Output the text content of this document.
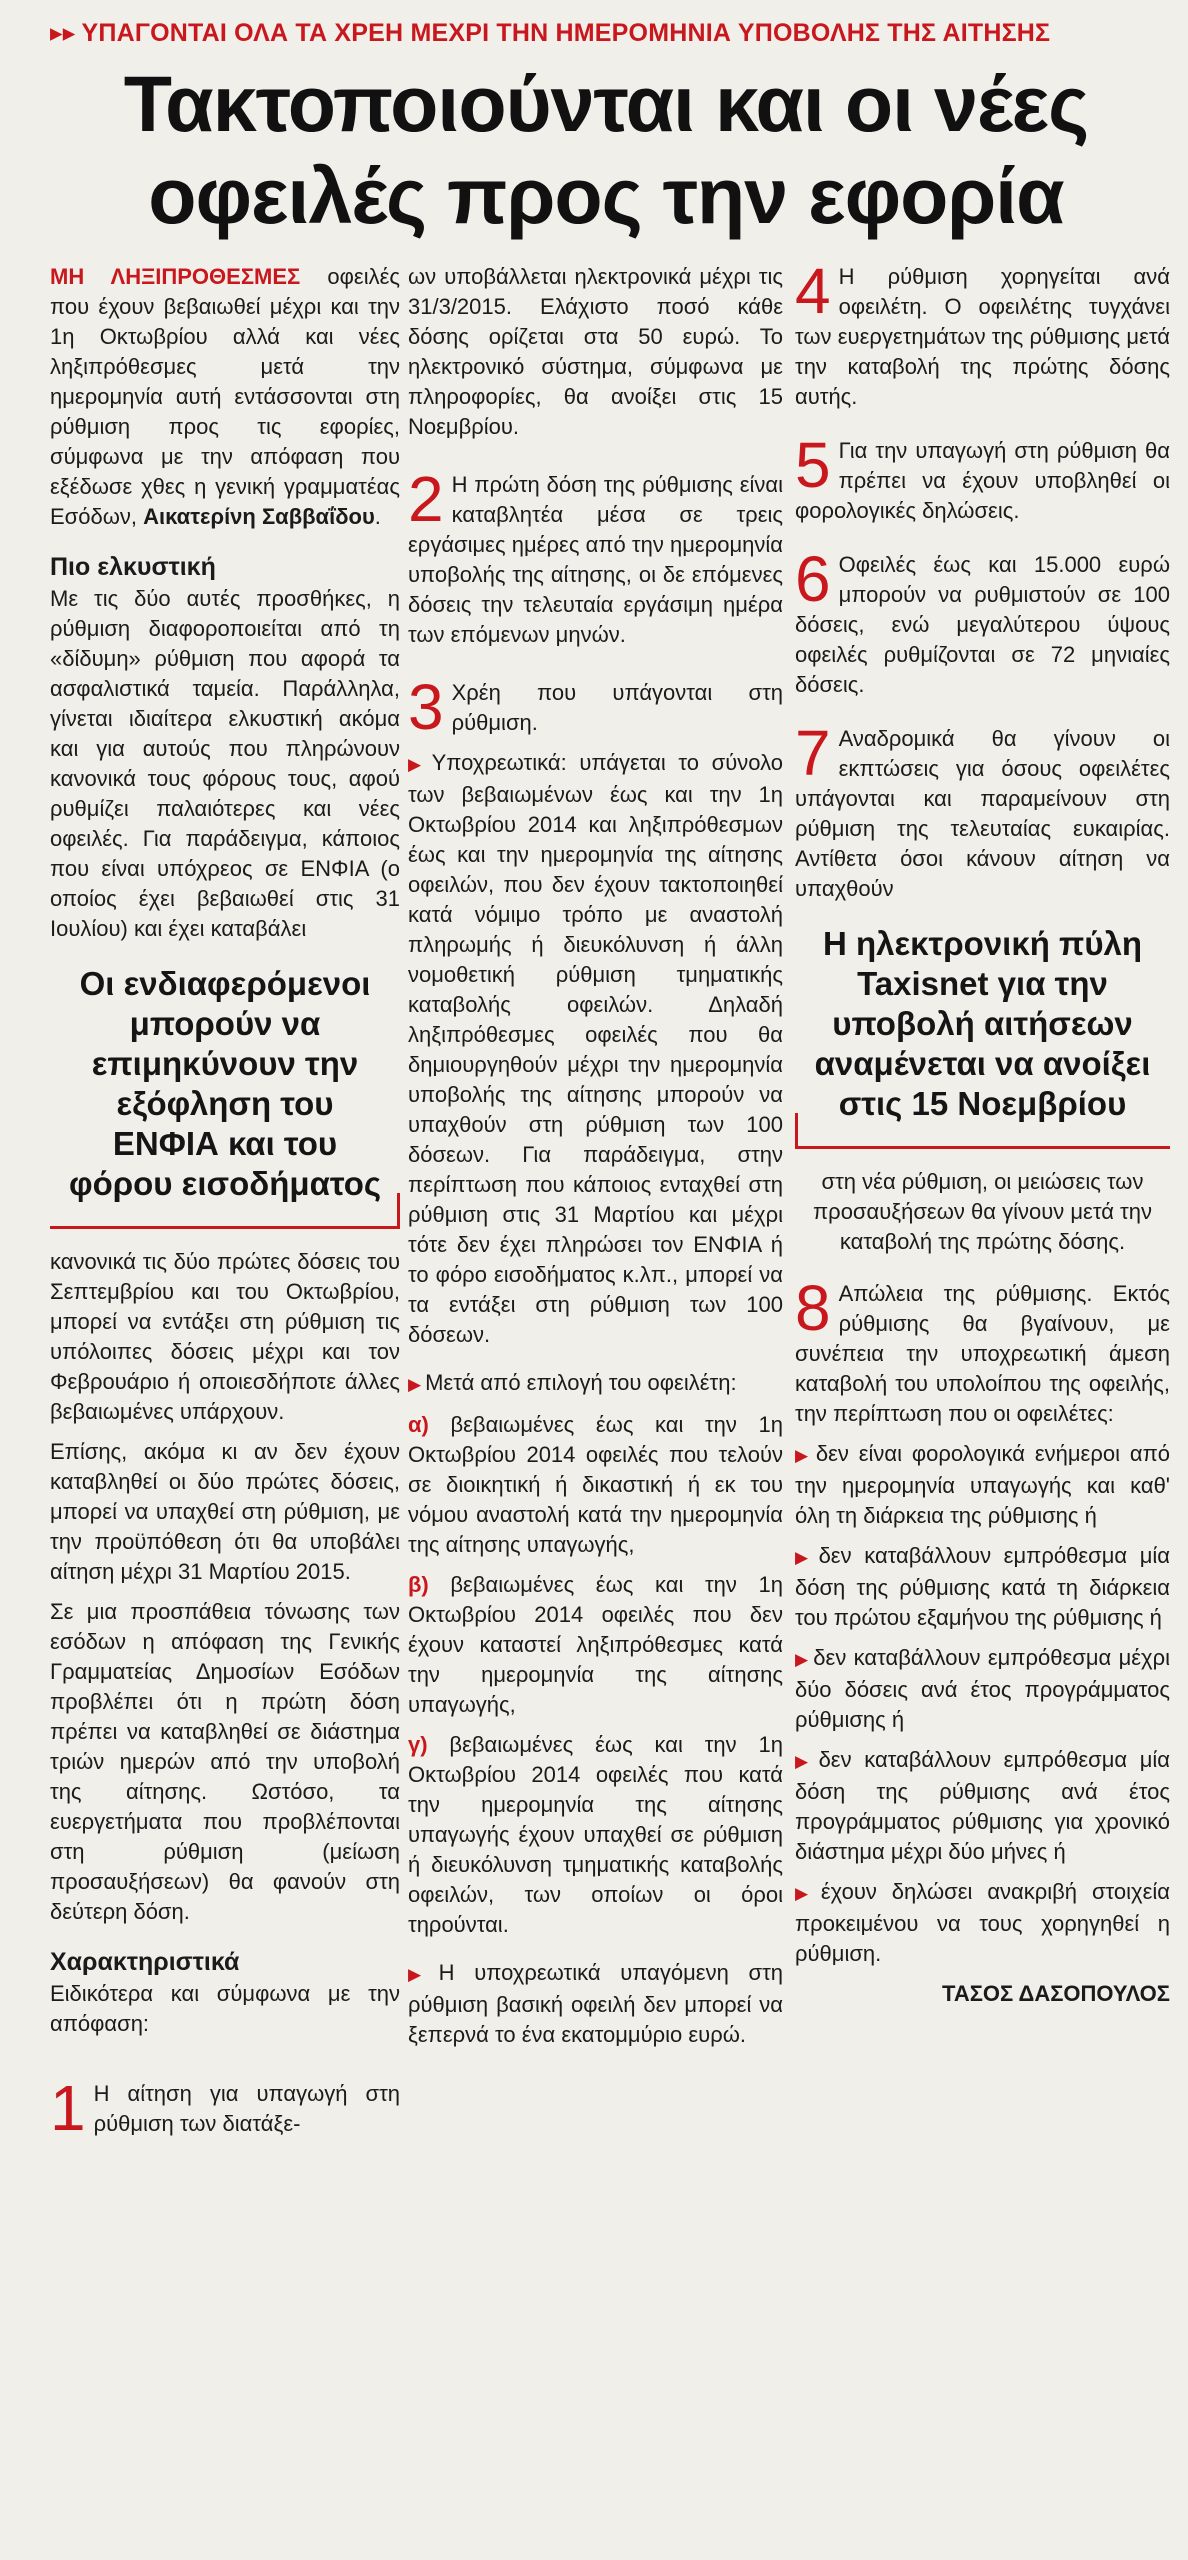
▸▸ ΥΠΑΓΟΝΤΑΙ ΟΛΑ ΤΑ ΧΡΕΗ ΜΕΧΡΙ ΤΗΝ ΗΜΕΡΟΜΗΝΙΑ ΥΠΟΒΟΛΗΣ ΤΗΣ ΑΙΤΗΣΗΣ
Τακτοποιούνται και οι νέες
οφειλές προς την εφορία

ΜΗ ΛΗΞΙΠΡΟΘΕΣΜΕΣ οφειλές που έχουν βεβαιωθεί μέχρι και την 1η Οκτωβρίου αλλά και νέες ληξιπρόθεσμες μετά την ημερομηνία αυτή εντάσσονται στη ρύθμιση προς τις εφορίες, σύμφωνα με την απόφαση που εξέδωσε χθες η γενική γραμματέας Εσόδων, Αικατερίνη Σαββαΐδου.

Πιο ελκυστική

Με τις δύο αυτές προσθήκες, η ρύθμιση διαφοροποιείται από τη «δίδυμη» ρύθμιση που αφορά τα ασφαλιστικά ταμεία. Παράλληλα, γίνεται ιδιαίτερα ελκυστική ακόμα και για αυτούς που πληρώνουν κανονικά τους φόρους τους, αφού ρυθμίζει παλαιότερες και νέες οφειλές. Για παράδειγμα, κάποιος που είναι υπόχρεος σε ΕΝΦΙΑ (ο οποίος έχει βεβαιωθεί στις 31 Ιουλίου) και έχει καταβάλει

Οι ενδιαφερόμενοι μπορούν να επιμηκύνουν την εξόφληση του ΕΝΦΙΑ και του φόρου εισοδήματος

κανονικά τις δύο πρώτες δόσεις του Σεπτεμβρίου και του Οκτωβρίου, μπορεί να εντάξει στη ρύθμιση τις υπόλοιπες δόσεις μέχρι και τον Φεβρουάριο ή οποιεσδήποτε άλλες βεβαιωμένες υπάρχουν.

Επίσης, ακόμα κι αν δεν έχουν καταβληθεί οι δύο πρώτες δόσεις, μπορεί να υπαχθεί στη ρύθμιση, με την προϋπόθεση ότι θα υποβάλει αίτηση μέχρι 31 Μαρτίου 2015.

Σε μια προσπάθεια τόνωσης των εσόδων η απόφαση της Γενικής Γραμματείας Δημοσίων Εσόδων προβλέπει ότι η πρώτη δόση πρέπει να καταβληθεί σε διάστημα τριών ημερών από την υποβολή της αίτησης. Ωστόσο, τα ευεργετήματα που προβλέπονται στη ρύθμιση (μείωση προσαυξήσεων) θα φανούν στη δεύτερη δόση.

Χαρακτηριστικά

Ειδικότερα και σύμφωνα με την απόφαση:

1 Η αίτηση για υπαγωγή στη ρύθμιση των διατάξε-

ων υποβάλλεται ηλεκτρονικά μέχρι τις 31/3/2015. Ελάχιστο ποσό κάθε δόσης ορίζεται στα 50 ευρώ. Το ηλεκτρονικό σύστημα, σύμφωνα με πληροφορίες, θα ανοίξει στις 15 Νοεμβρίου.

2 Η πρώτη δόση της ρύθμισης είναι καταβλητέα μέσα σε τρεις εργάσιμες ημέρες από την ημερομηνία υποβολής της αίτησης, οι δε επόμενες δόσεις την τελευταία εργάσιμη ημέρα των επόμενων μηνών.

3 Χρέη που υπάγονται στη ρύθμιση.

▶ Υποχρεωτικά: υπάγεται το σύνολο των βεβαιωμένων έως και την 1η Οκτωβρίου 2014 και ληξιπρόθεσμων έως και την ημερομηνία της αίτησης οφειλών, που δεν έχουν τακτοποιηθεί κατά νόμιμο τρόπο με αναστολή πληρωμής ή διευκόλυνση ή άλλη νομοθετική ρύθμιση τμηματικής καταβολής οφειλών. Δηλαδή ληξιπρόθεσμες οφειλές που θα δημιουργηθούν μέχρι την ημερομηνία υποβολής της αίτησης μπορούν να υπαχθούν στη ρύθμιση των 100 δόσεων. Για παράδειγμα, στην περίπτωση που κάποιος ενταχθεί στη ρύθμιση στις 31 Μαρτίου και μέχρι τότε δεν έχει πληρώσει τον ΕΝΦΙΑ ή το φόρο εισοδήματος κ.λπ., μπορεί να τα εντάξει στη ρύθμιση των 100 δόσεων.

▶ Μετά από επιλογή του οφειλέτη:

α) βεβαιωμένες έως και την 1η Οκτωβρίου 2014 οφειλές που τελούν σε διοικητική ή δικαστική ή εκ του νόμου αναστολή κατά την ημερομηνία της αίτησης υπαγωγής,

β) βεβαιωμένες έως και την 1η Οκτωβρίου 2014 οφειλές που δεν έχουν καταστεί ληξιπρόθεσμες κατά την ημερομηνία της αίτησης υπαγωγής,

γ) βεβαιωμένες έως και την 1η Οκτωβρίου 2014 οφειλές που κατά την ημερομηνία της αίτησης υπαγωγής έχουν υπαχθεί σε ρύθμιση ή διευκόλυνση τμηματικής καταβολής οφειλών, των οποίων οι όροι τηρούνται.

▶ Η υποχρεωτικά υπαγόμενη στη ρύθμιση βασική οφειλή δεν μπορεί να ξεπερνά το ένα εκατομμύριο ευρώ.

4 Η ρύθμιση χορηγείται ανά οφειλέτη. Ο οφειλέτης τυγχάνει των ευεργετημάτων της ρύθμισης μετά την καταβολή της πρώτης δόσης αυτής.

5 Για την υπαγωγή στη ρύθμιση θα πρέπει να έχουν υποβληθεί οι φορολογικές δηλώσεις.

6 Οφειλές έως και 15.000 ευρώ μπορούν να ρυθμιστούν σε 100 δόσεις, ενώ μεγαλύτερου ύψους οφειλές ρυθμίζονται σε 72 μηνιαίες δόσεις.

7 Αναδρομικά θα γίνουν οι εκπτώσεις για όσους οφειλέτες υπάγονται και παραμείνουν στη ρύθμιση της τελευταίας ευκαιρίας. Αντίθετα όσοι κάνουν αίτηση να υπαχθούν

Η ηλεκτρονική πύλη Taxisnet για την υποβολή αιτήσεων αναμένεται να ανοίξει στις 15 Νοεμβρίου

στη νέα ρύθμιση, οι μειώσεις των προσαυξήσεων θα γίνουν μετά την καταβολή της πρώτης δόσης.

8 Απώλεια της ρύθμισης. Εκτός ρύθμισης θα βγαίνουν, με συνέπεια την υποχρεωτική άμεση καταβολή του υπολοίπου της οφειλής, την περίπτωση που οι οφειλέτες:

▶ δεν είναι φορολογικά ενήμεροι από την ημερομηνία υπαγωγής και καθ' όλη τη διάρκεια της ρύθμισης ή

▶ δεν καταβάλλουν εμπρόθεσμα μία δόση της ρύθμισης κατά τη διάρκεια του πρώτου εξαμήνου της ρύθμισης ή

▶ δεν καταβάλλουν εμπρόθεσμα μέχρι δύο δόσεις ανά έτος προγράμματος ρύθμισης ή

▶ δεν καταβάλλουν εμπρόθεσμα μία δόση της ρύθμισης ανά έτος προγράμματος ρύθμισης για χρονικό διάστημα μέχρι δύο μήνες ή

▶ έχουν δηλώσει ανακριβή στοιχεία προκειμένου να τους χορηγηθεί η ρύθμιση.

ΤΑΣΟΣ ΔΑΣΟΠΟΥΛΟΣ
